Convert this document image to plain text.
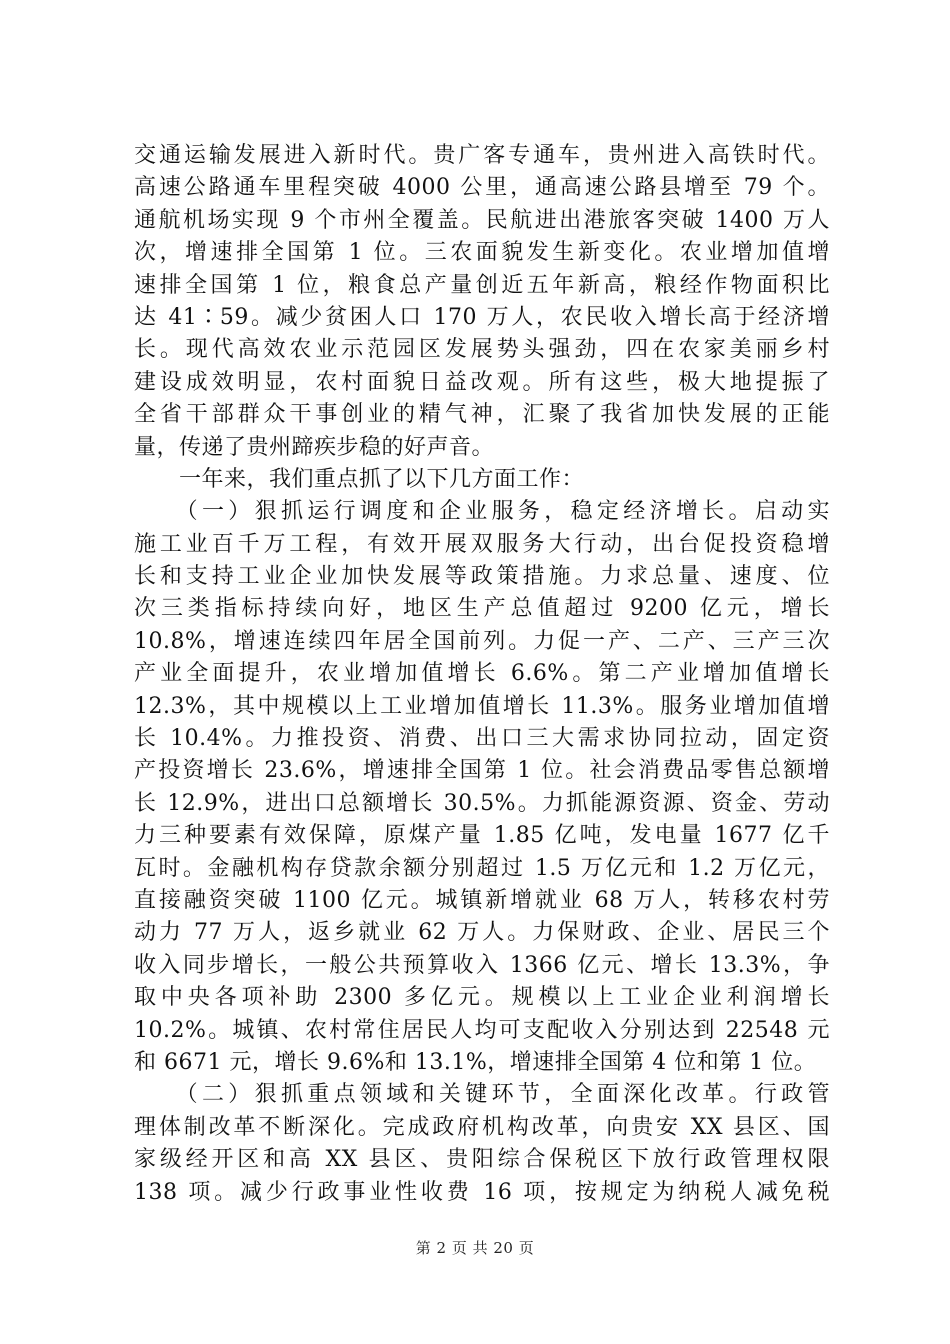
交通运输发展进入新时代。贵广客专通车，贵州进入高铁时代。
高速公路通车里程突破 4000 公里，通高速公路县增至 79 个。
通航机场实现 9 个市州全覆盖。民航进出港旅客突破 1400 万人
次，增速排全国第 1 位。三农面貌发生新变化。农业增加值增
速排全国第 1 位，粮食总产量创近五年新高，粮经作物面积比
达 41∶59。减少贫困人口 170 万人，农民收入增长高于经济增
长。现代高效农业示范园区发展势头强劲，四在农家美丽乡村
建设成效明显，农村面貌日益改观。所有这些，极大地提振了
全省干部群众干事创业的精气神，汇聚了我省加快发展的正能
量，传递了贵州蹄疾步稳的好声音。
　　一年来，我们重点抓了以下几方面工作：
　　（一）狠抓运行调度和企业服务，稳定经济增长。启动实
施工业百千万工程，有效开展双服务大行动，出台促投资稳增
长和支持工业企业加快发展等政策措施。力求总量、速度、位
次三类指标持续向好，地区生产总值超过 9200 亿元，增长
10.8%，增速连续四年居全国前列。力促一产、二产、三产三次
产业全面提升，农业增加值增长 6.6%。第二产业增加值增长
12.3%，其中规模以上工业增加值增长 11.3%。服务业增加值增
长 10.4%。力推投资、消费、出口三大需求协同拉动，固定资
产投资增长 23.6%，增速排全国第 1 位。社会消费品零售总额增
长 12.9%，进出口总额增长 30.5%。力抓能源资源、资金、劳动
力三种要素有效保障，原煤产量 1.85 亿吨，发电量 1677 亿千
瓦时。金融机构存贷款余额分别超过 1.5 万亿元和 1.2 万亿元，
直接融资突破 1100 亿元。城镇新增就业 68 万人，转移农村劳
动力 77 万人，返乡就业 62 万人。力保财政、企业、居民三个
收入同步增长，一般公共预算收入 1366 亿元、增长 13.3%，争
取中央各项补助 2300 多亿元。规模以上工业企业利润增长
10.2%。城镇、农村常住居民人均可支配收入分别达到 22548 元
和 6671 元，增长 9.6%和 13.1%，增速排全国第 4 位和第 1 位。
　　（二）狠抓重点领域和关键环节，全面深化改革。行政管
理体制改革不断深化。完成政府机构改革，向贵安 XX 县区、国
家级经开区和高 XX 县区、贵阳综合保税区下放行政管理权限
138 项。减少行政事业性收费 16 项，按规定为纳税人减免税
第 2 页 共 20 页
